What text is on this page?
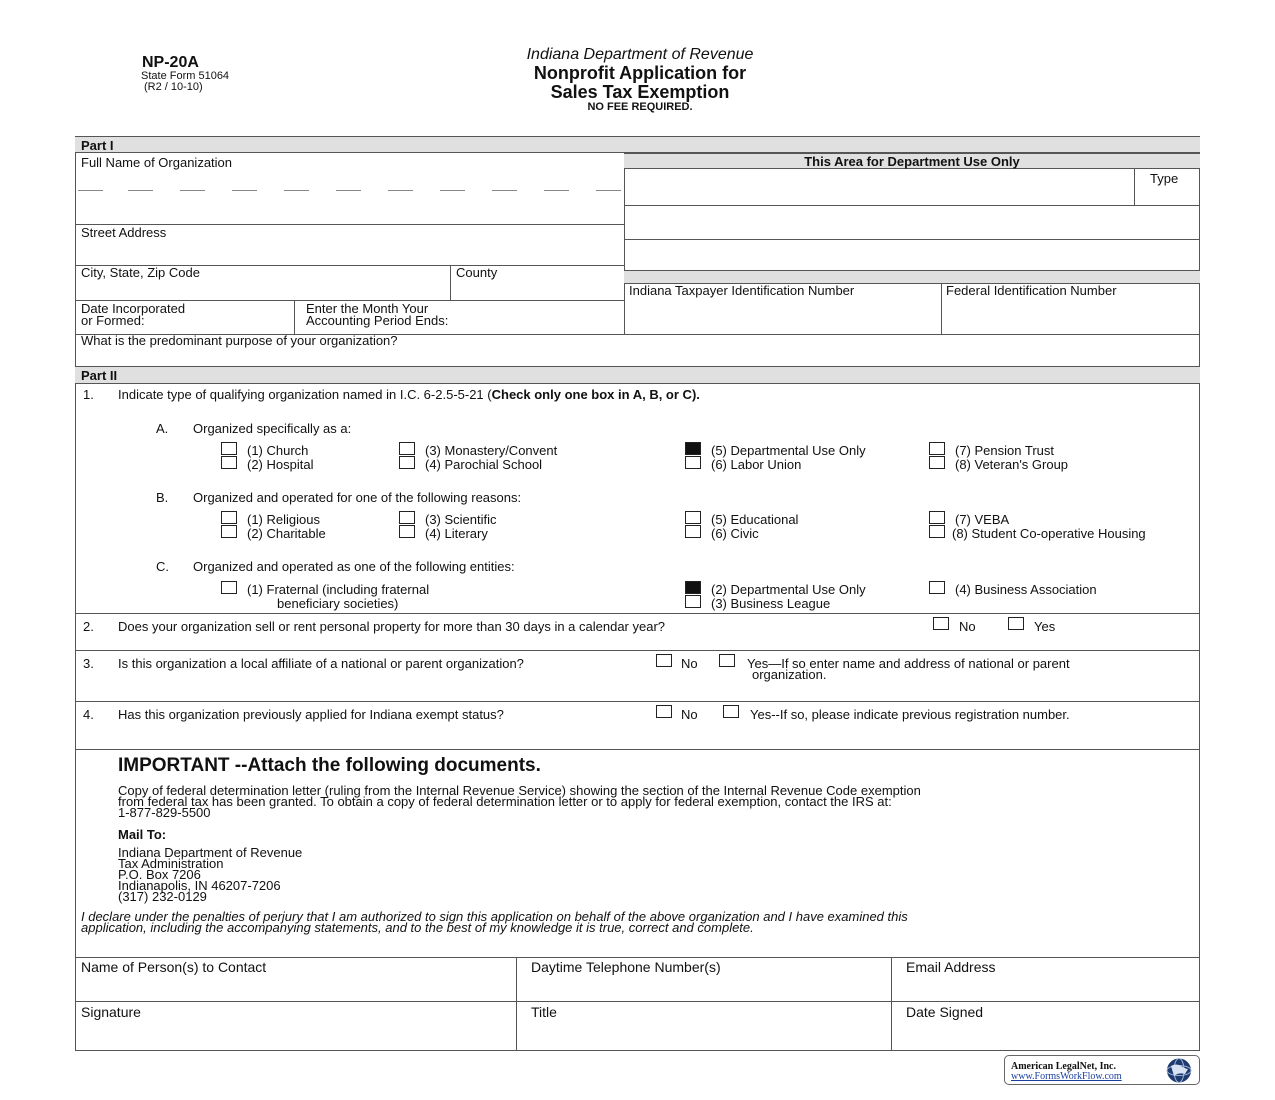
NP-20A
State Form 51064
(R2 / 10-10)
Indiana Department of Revenue
Nonprofit Application for
Sales Tax Exemption
NO FEE REQUIRED.
Part I
Full Name of Organization
Street Address
City, State, Zip Code	County
Date Incorporated
or Formed:
Enter the Month Your
Accounting Period Ends:
This Area for Department Use Only
Type
Indiana Taxpayer Identification Number	Federal Identification Number
What is the predominant purpose of your organization?
Part II
1. Indicate type of qualifying organization named in I.C. 6-2.5-5-21 (Check only one box in A, B, or C).
A. Organized specifically as a:
(1) Church
(2) Hospital
(3) Monastery/Convent
(4) Parochial School
(5) Departmental Use Only
(6) Labor Union
(7) Pension Trust
(8) Veteran's Group
B. Organized and operated for one of the following reasons:
(1) Religious
(2) Charitable
(3) Scientific
(4) Literary
(5) Educational
(6) Civic
(7) VEBA
(8) Student Co-operative Housing
C. Organized and operated as one of the following entities:
(1) Fraternal (including fraternal
beneficiary societies)
(2) Departmental Use Only
(3) Business League
(4) Business Association
2. Does your organization sell or rent personal property for more than 30 days in a calendar year?	No	Yes
3. Is this organization a local affiliate of a national or parent organization?	No	Yes—If so enter name and address of national or parent
organization.
4. Has this organization previously applied for Indiana exempt status?	No	Yes--If so, please indicate previous registration number.
IMPORTANT --Attach the following documents.
Copy of federal determination letter (ruling from the Internal Revenue Service) showing the section of the Internal Revenue Code exemption
from federal tax has been granted. To obtain a copy of federal determination letter or to apply for federal exemption, contact the IRS at:
1-877-829-5500
Mail To:
Indiana Department of Revenue
Tax Administration
P.O. Box 7206
Indianapolis, IN 46207-7206
(317) 232-0129
I declare under the penalties of perjury that I am authorized to sign this application on behalf of the above organization and I have examined this
application, including the accompanying statements, and to the best of my knowledge it is true, correct and complete.
Name of Person(s) to Contact	Daytime Telephone Number(s)	Email Address
Signature	Title	Date Signed
American LegalNet, Inc.
www.FormsWorkFlow.com
